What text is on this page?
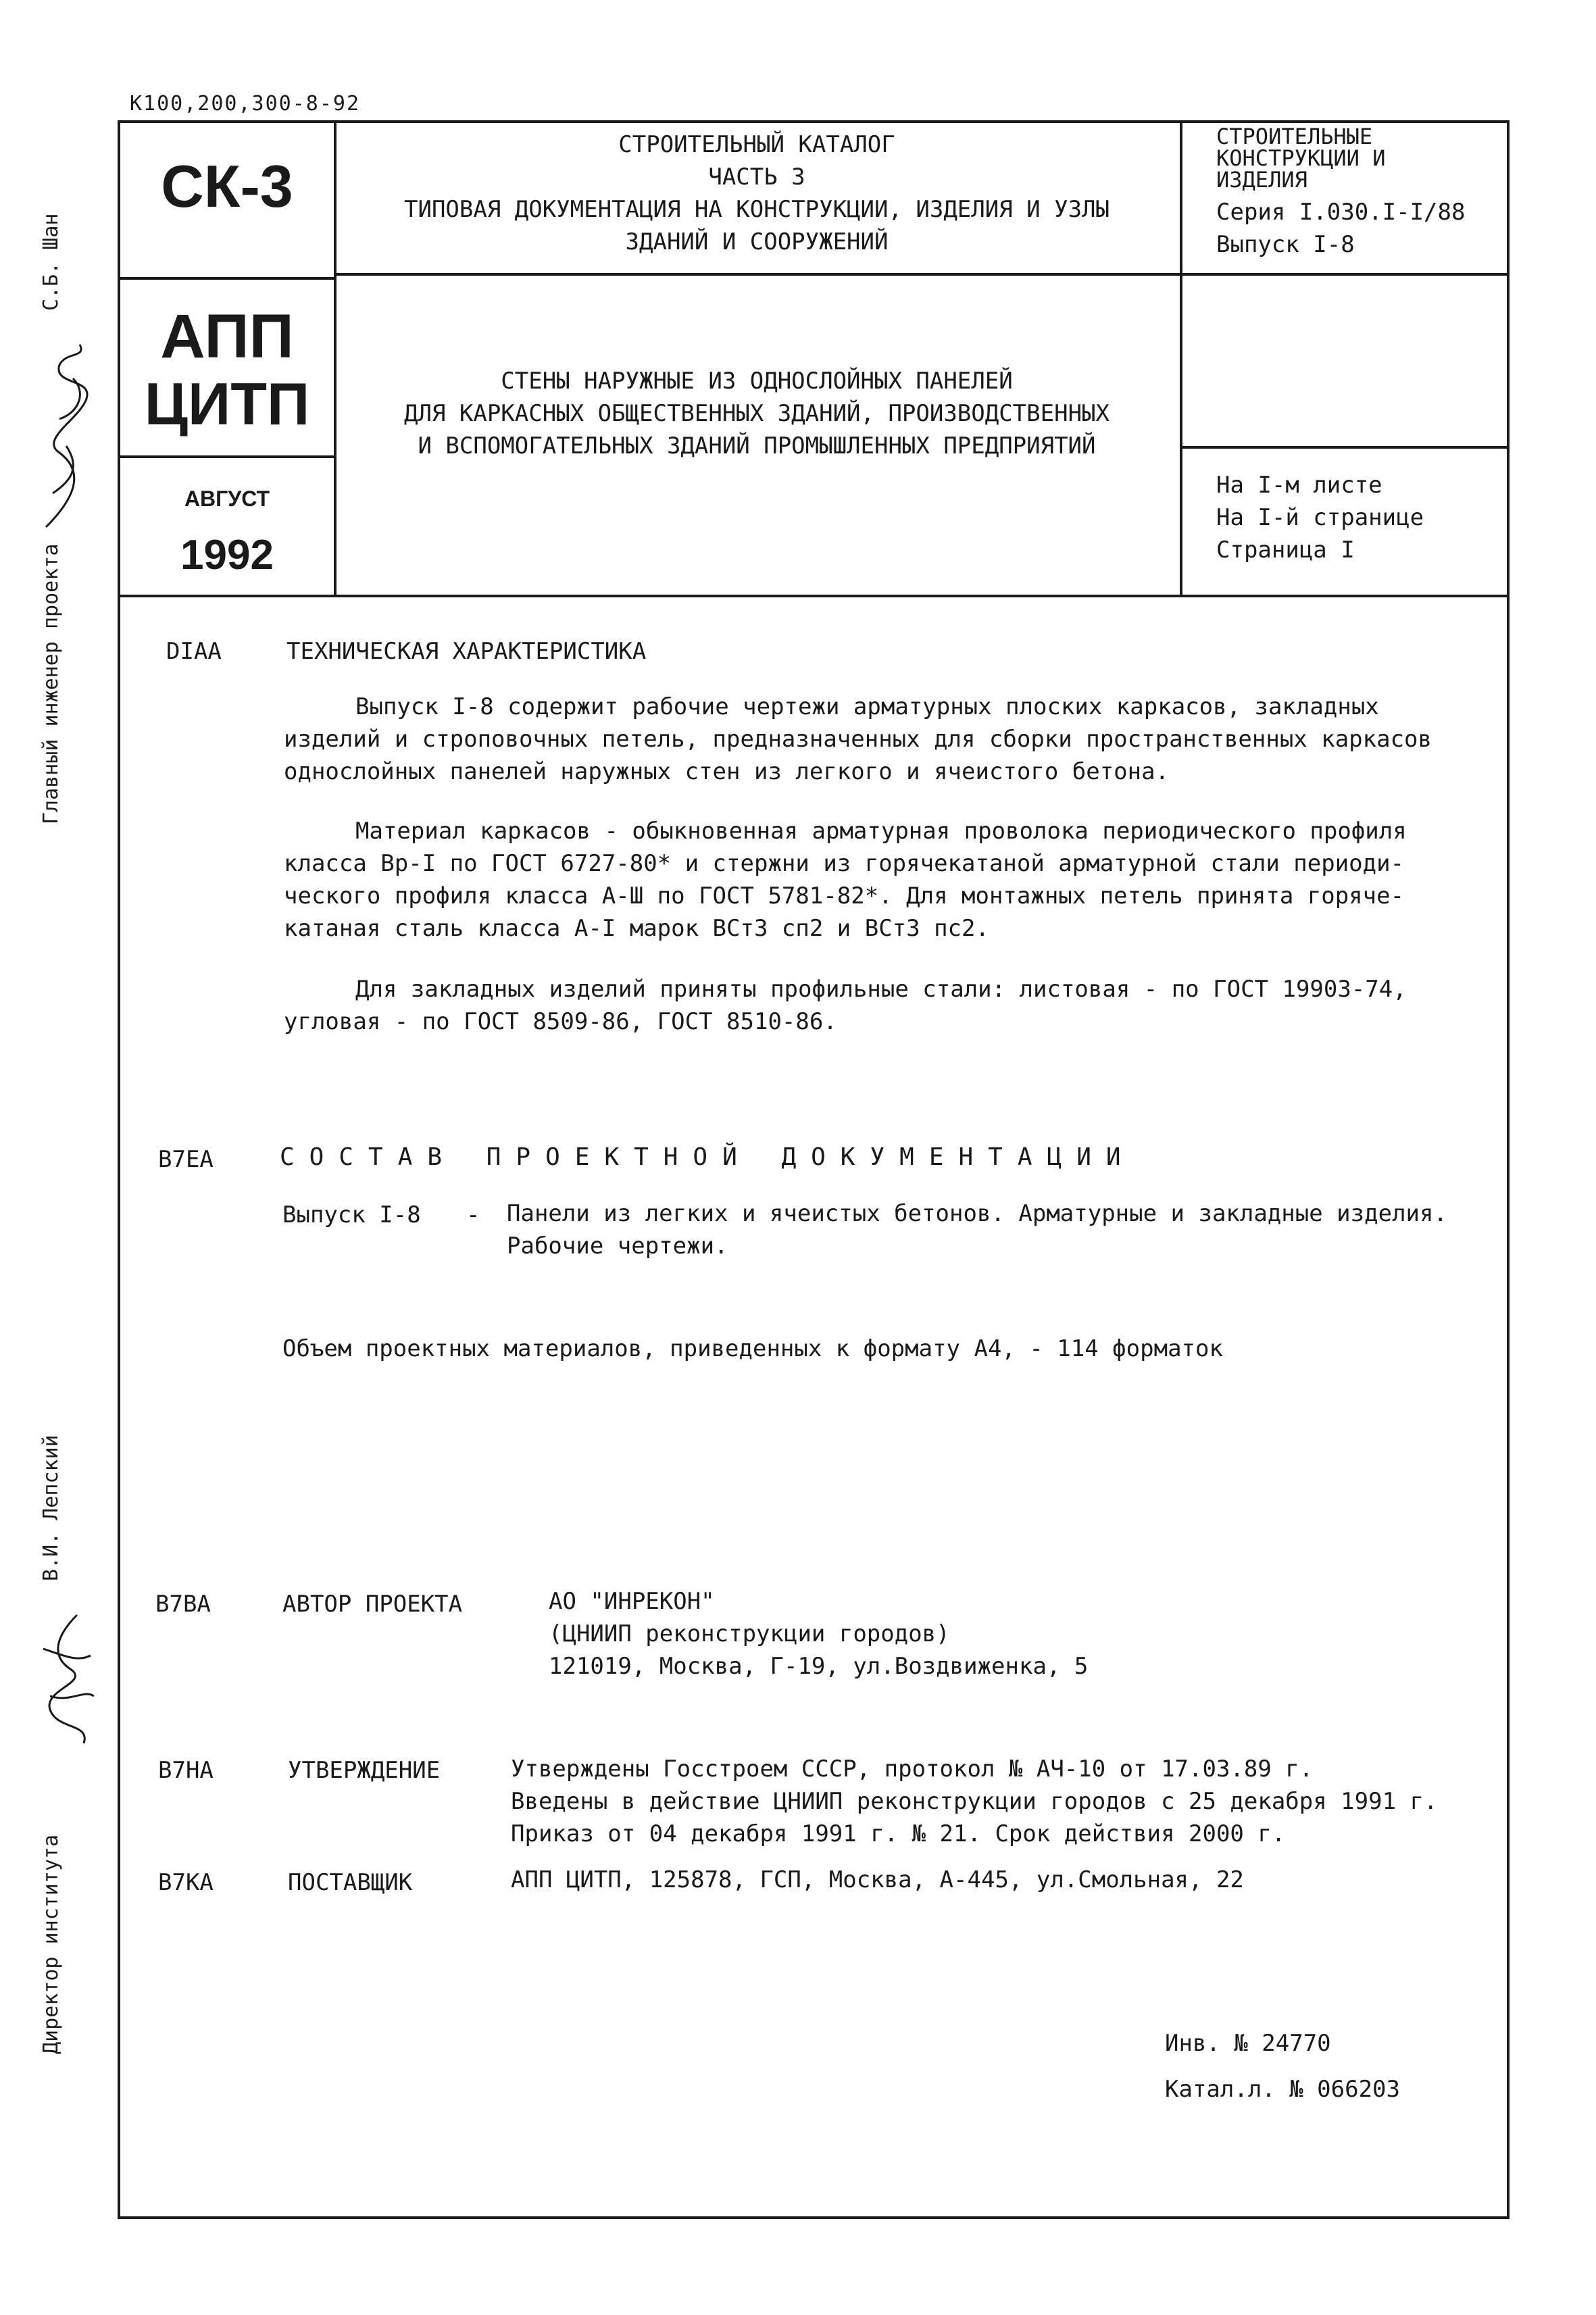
К100,200,300-8-92
СК-3
АПП
ЦИТП
АВГУСТ
1992
СТРОИТЕЛЬНЫЙ КАТАЛОГ
ЧАСТЬ 3
ТИПОВАЯ ДОКУМЕНТАЦИЯ НА КОНСТРУКЦИИ, ИЗДЕЛИЯ И УЗЛЫ
ЗДАНИЙ И СООРУЖЕНИЙ
СТЕНЫ НАРУЖНЫЕ ИЗ ОДНОСЛОЙНЫХ ПАНЕЛЕЙ
ДЛЯ КАРКАСНЫХ ОБЩЕСТВЕННЫХ ЗДАНИЙ, ПРОИЗВОДСТВЕННЫХ
И ВСПОМОГАТЕЛЬНЫХ ЗДАНИЙ ПРОМЫШЛЕННЫХ ПРЕДПРИЯТИЙ
СТРОИТЕЛЬНЫЕ
КОНСТРУКЦИИ И
ИЗДЕЛИЯ
Серия I.030.I-I/88
Выпуск I-8
На I-м листе
На I-й странице
Страница I
DIAA	ТЕХНИЧЕСКАЯ ХАРАКТЕРИСТИКА
Выпуск I-8 содержит рабочие чертежи арматурных плоских каркасов, закладных
изделий и строповочных петель, предназначенных для сборки пространственных каркасов
однослойных панелей наружных стен из легкого и ячеистого бетона.
Материал каркасов - обыкновенная арматурная проволока периодического профиля
класса Вр-I по ГОСТ 6727-80* и стержни из горячекатаной арматурной стали периоди-
ческого профиля класса А-Ш по ГОСТ 5781-82*. Для монтажных петель принята горяче-
катаная сталь класса А-I марок ВСт3 сп2 и ВСт3 пс2.
Для закладных изделий приняты профильные стали: листовая - по ГОСТ 19903-74,
угловая - по ГОСТ 8509-86, ГОСТ 8510-86.
B7EA	СОСТАВ ПРОЕКТНОЙ ДОКУМЕНТАЦИИ
Выпуск I-8 - Панели из легких и ячеистых бетонов. Арматурные и закладные изделия.
Рабочие чертежи.
Объем проектных материалов, приведенных к формату А4, - 114 форматок
B7BA	АВТОР ПРОЕКТА	АО "ИНРЕКОН"
(ЦНИИП реконструкции городов)
121019, Москва, Г-19, ул.Воздвиженка, 5
B7HA	УТВЕРЖДЕНИЕ	Утверждены Госстроем СССР, протокол № АЧ-10 от 17.03.89 г.
Введены в действие ЦНИИП реконструкции городов с 25 декабря 1991 г.
Приказ от 04 декабря 1991 г. № 21. Срок действия 2000 г.
B7KA	ПОСТАВЩИК	АПП ЦИТП, 125878, ГСП, Москва, А-445, ул.Смольная, 22
Инв. № 24770
Катал.л. № 066203
Главный инженер проекта
С.Б. Шан
Директор института
В.И. Лепский
